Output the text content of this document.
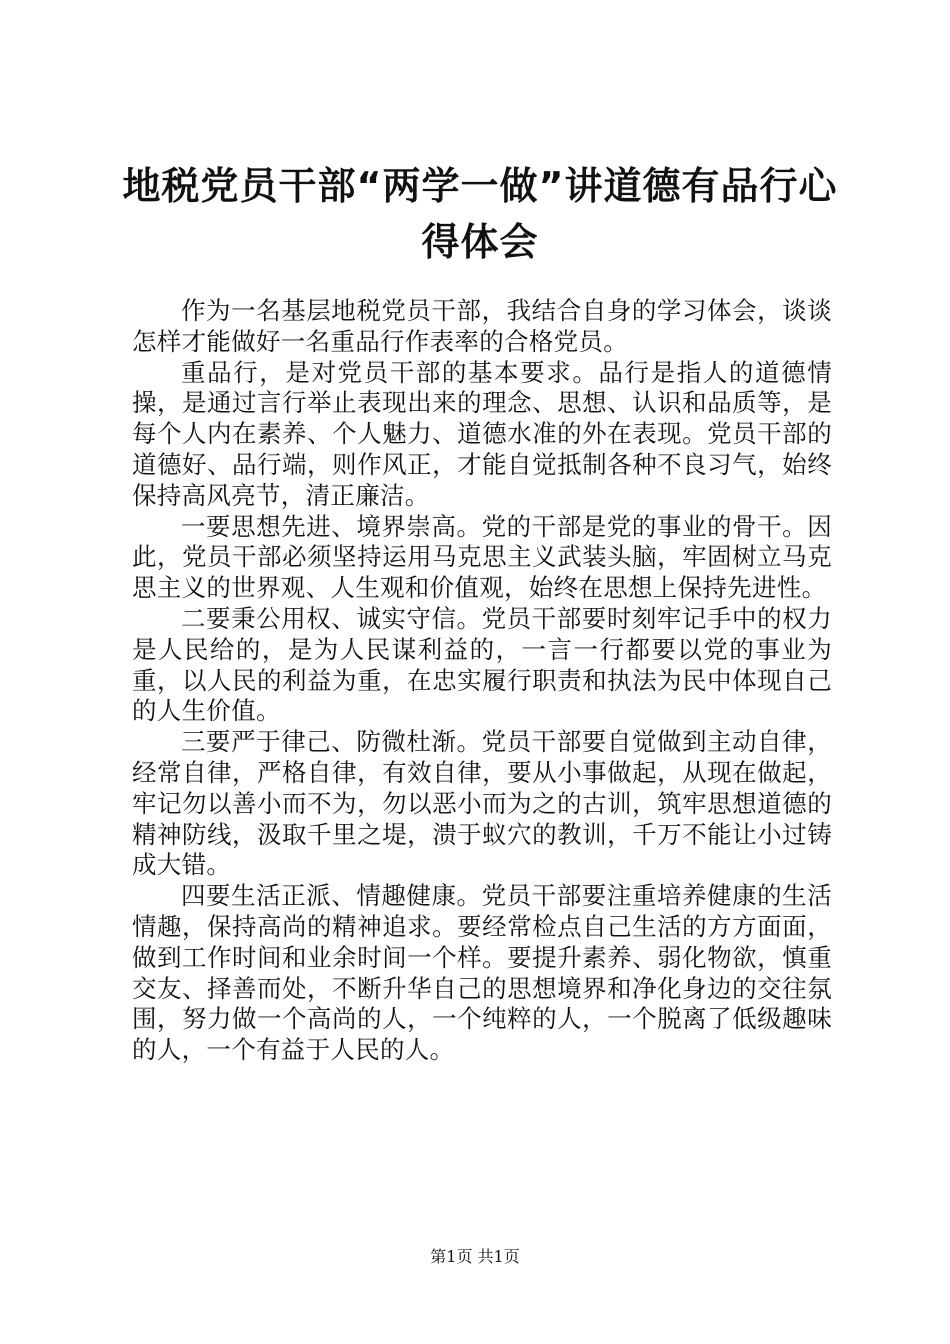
地税党员干部“两学一做”讲道德有品行心得体会

作为一名基层地税党员干部，我结合自身的学习体会，谈谈怎样才能做好一名重品行作表率的合格党员。

重品行，是对党员干部的基本要求。品行是指人的道德情操，是通过言行举止表现出来的理念、思想、认识和品质等，是每个人内在素养、个人魅力、道德水准的外在表现。党员干部的道德好、品行端，则作风正，才能自觉抵制各种不良习气，始终保持高风亮节，清正廉洁。

一要思想先进、境界崇高。党的干部是党的事业的骨干。因此，党员干部必须坚持运用马克思主义武装头脑，牢固树立马克思主义的世界观、人生观和价值观，始终在思想上保持先进性。

二要秉公用权、诚实守信。党员干部要时刻牢记手中的权力是人民给的，是为人民谋利益的，一言一行都要以党的事业为重，以人民的利益为重，在忠实履行职责和执法为民中体现自己的人生价值。

三要严于律己、防微杜渐。党员干部要自觉做到主动自律，经常自律，严格自律，有效自律，要从小事做起，从现在做起，牢记勿以善小而不为，勿以恶小而为之的古训，筑牢思想道德的精神防线，汲取千里之堤，溃于蚁穴的教训，千万不能让小过铸成大错。

四要生活正派、情趣健康。党员干部要注重培养健康的生活情趣，保持高尚的精神追求。要经常检点自己生活的方方面面，做到工作时间和业余时间一个样。要提升素养、弱化物欲，慎重交友、择善而处，不断升华自己的思想境界和净化身边的交往氛围，努力做一个高尚的人，一个纯粹的人，一个脱离了低级趣味的人，一个有益于人民的人。

第1页 共1页
